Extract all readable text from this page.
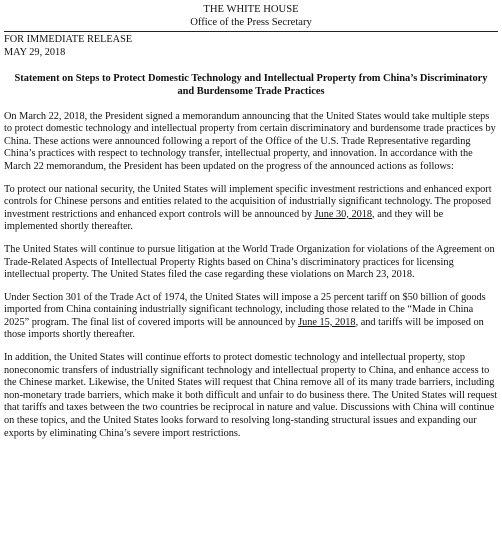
THE WHITE HOUSE
Office of the Press Secretary
FOR IMMEDIATE RELEASE
MAY 29, 2018
Statement on Steps to Protect Domestic Technology and Intellectual Property from China’s Discriminatory and Burdensome Trade Practices

On March 22, 2018, the President signed a memorandum announcing that the United States would take multiple steps to protect domestic technology and intellectual property from certain discriminatory and burdensome trade practices by China. These actions were announced following a report of the Office of the U.S. Trade Representative regarding China’s practices with respect to technology transfer, intellectual property, and innovation. In accordance with the March 22 memorandum, the President has been updated on the progress of the announced actions as follows:

To protect our national security, the United States will implement specific investment restrictions and enhanced export controls for Chinese persons and entities related to the acquisition of industrially significant technology. The proposed investment restrictions and enhanced export controls will be announced by June 30, 2018, and they will be implemented shortly thereafter.

The United States will continue to pursue litigation at the World Trade Organization for violations of the Agreement on Trade-Related Aspects of Intellectual Property Rights based on China’s discriminatory practices for licensing intellectual property. The United States filed the case regarding these violations on March 23, 2018.

Under Section 301 of the Trade Act of 1974, the United States will impose a 25 percent tariff on $50 billion of goods imported from China containing industrially significant technology, including those related to the “Made in China 2025” program. The final list of covered imports will be announced by June 15, 2018, and tariffs will be imposed on those imports shortly thereafter.

In addition, the United States will continue efforts to protect domestic technology and intellectual property, stop noneconomic transfers of industrially significant technology and intellectual property to China, and enhance access to the Chinese market. Likewise, the United States will request that China remove all of its many trade barriers, including non-monetary trade barriers, which make it both difficult and unfair to do business there. The United States will request that tariffs and taxes between the two countries be reciprocal in nature and value. Discussions with China will continue on these topics, and the United States looks forward to resolving long-standing structural issues and expanding our exports by eliminating China’s severe import restrictions.
